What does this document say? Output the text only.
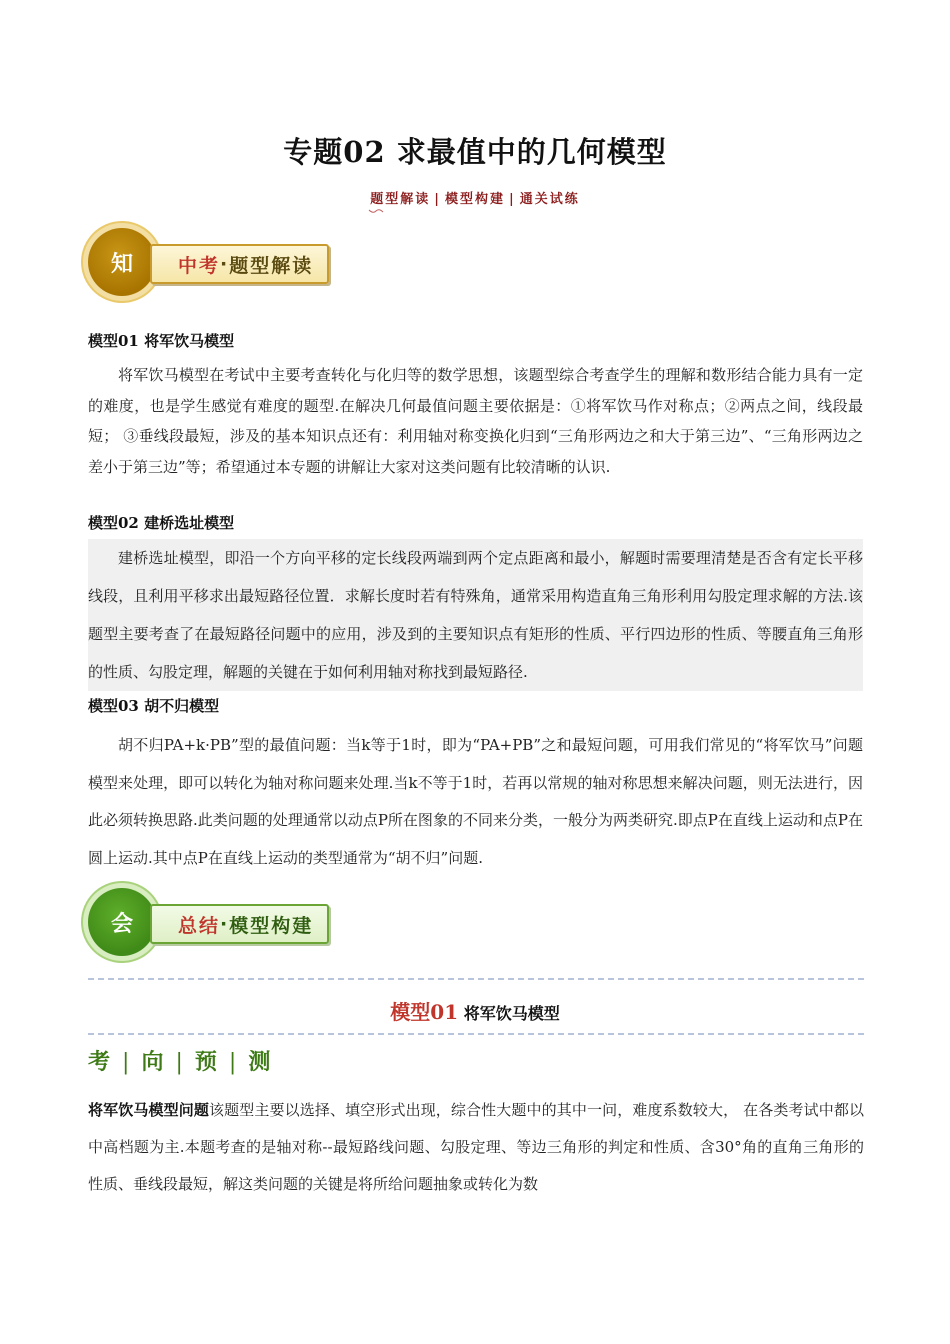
专题02 求最值中的几何模型
题型解读 | 模型构建 | 通关试练
知	中考 · 题型解读
模型01 将军饮马模型
将军饮马模型在考试中主要考查转化与化归等的数学思想，该题型综合考查学生的理解和数形结合能力具有一定的难度，也是学生感觉有难度的题型.在解决几何最值问题主要依据是：①将军饮马作对称点；②两点之间，线段最短； ③垂线段最短，涉及的基本知识点还有：利用轴对称变换化归到“三角形两边之和大于第三边”、“三角形两边之差小于第三边”等；希望通过本专题的讲解让大家对这类问题有比较清晰的认识.
模型02 建桥选址模型
建桥选址模型，即沿一个方向平移的定长线段两端到两个定点距离和最小，解题时需要理清楚是否含有定长平移线段，且利用平移求出最短路径位置．求解长度时若有特殊角，通常采用构造直角三角形利用勾股定理求解的方法.该题型主要考查了在最短路径问题中的应用，涉及到的主要知识点有矩形的性质、平行四边形的性质、等腰直角三角形的性质、勾股定理，解题的关键在于如何利用轴对称找到最短路径.
模型03 胡不归模型
胡不归PA+k·PB”型的最值问题：当k等于1时，即为“PA+PB”之和最短问题，可用我们常见的“将军饮马”问题模型来处理，即可以转化为轴对称问题来处理.当k不等于1时，若再以常规的轴对称思想来解决问题，则无法进行，因此必须转换思路.此类问题的处理通常以动点P所在图象的不同来分类，一般分为两类研究.即点P在直线上运动和点P在圆上运动.其中点P在直线上运动的类型通常为“胡不归”问题.
会	总结 · 模型构建
模型01 将军饮马模型
考 | 向 | 预 | 测
将军饮马模型问题该题型主要以选择、填空形式出现，综合性大题中的其中一问，难度系数较大， 在各类考试中都以中高档题为主.本题考查的是轴对称--最短路线问题、勾股定理、等边三角形的判定和性质、含30°角的直角三角形的性质、垂线段最短，解这类问题的关键是将所给问题抽象或转化为数
